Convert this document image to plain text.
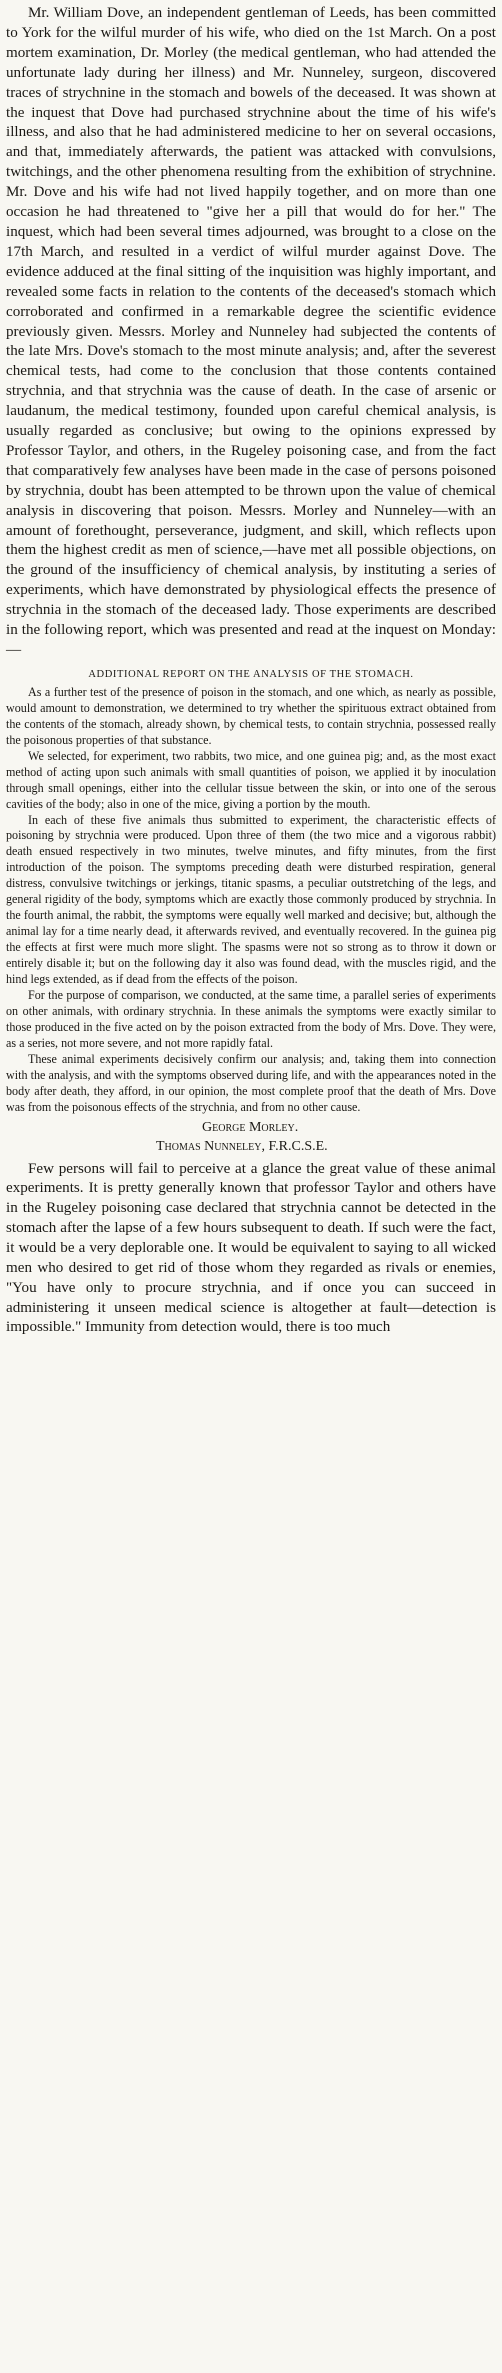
Mr. William Dove, an independent gentleman of Leeds, has been committed to York for the wilful murder of his wife, who died on the 1st March. On a post mortem examination, Dr. Morley (the medical gentleman, who had attended the unfortunate lady during her illness) and Mr. Nunneley, surgeon, discovered traces of strychnine in the stomach and bowels of the deceased. It was shown at the inquest that Dove had purchased strychnine about the time of his wife's illness, and also that he had administered medicine to her on several occasions, and that, immediately afterwards, the patient was attacked with convulsions, twitchings, and the other phenomena resulting from the exhibition of strychnine. Mr. Dove and his wife had not lived happily together, and on more than one occasion he had threatened to "give her a pill that would do for her." The inquest, which had been several times adjourned, was brought to a close on the 17th March, and resulted in a verdict of wilful murder against Dove. The evidence adduced at the final sitting of the inquisition was highly important, and revealed some facts in relation to the contents of the deceased's stomach which corroborated and confirmed in a remarkable degree the scientific evidence previously given. Messrs. Morley and Nunneley had subjected the contents of the late Mrs. Dove's stomach to the most minute analysis; and, after the severest chemical tests, had come to the conclusion that those contents contained strychnia, and that strychnia was the cause of death. In the case of arsenic or laudanum, the medical testimony, founded upon careful chemical analysis, is usually regarded as conclusive; but owing to the opinions expressed by Professor Taylor, and others, in the Rugeley poisoning case, and from the fact that comparatively few analyses have been made in the case of persons poisoned by strychnia, doubt has been attempted to be thrown upon the value of chemical analysis in discovering that poison. Messrs. Morley and Nunneley—with an amount of forethought, perseverance, judgment, and skill, which reflects upon them the highest credit as men of science,—have met all possible objections, on the ground of the insufficiency of chemical analysis, by instituting a series of experiments, which have demonstrated by physiological effects the presence of strychnia in the stomach of the deceased lady. Those experiments are described in the following report, which was presented and read at the inquest on Monday:—

ADDITIONAL REPORT ON THE ANALYSIS OF THE STOMACH.

As a further test of the presence of poison in the stomach, and one which, as nearly as possible, would amount to demonstration, we determined to try whether the spirituous extract obtained from the contents of the stomach, already shown, by chemical tests, to contain strychnia, possessed really the poisonous properties of that substance.

We selected, for experiment, two rabbits, two mice, and one guinea pig; and, as the most exact method of acting upon such animals with small quantities of poison, we applied it by inoculation through small openings, either into the cellular tissue between the skin, or into one of the serous cavities of the body; also in one of the mice, giving a portion by the mouth.

In each of these five animals thus submitted to experiment, the characteristic effects of poisoning by strychnia were produced. Upon three of them (the two mice and a vigorous rabbit) death ensued respectively in two minutes, twelve minutes, and fifty minutes, from the first introduction of the poison. The symptoms preceding death were disturbed respiration, general distress, convulsive twitchings or jerkings, titanic spasms, a peculiar outstretching of the legs, and general rigidity of the body, symptoms which are exactly those commonly produced by strychnia. In the fourth animal, the rabbit, the symptoms were equally well marked and decisive; but, although the animal lay for a time nearly dead, it afterwards revived, and eventually recovered. In the guinea pig the effects at first were much more slight. The spasms were not so strong as to throw it down or entirely disable it; but on the following day it also was found dead, with the muscles rigid, and the hind legs extended, as if dead from the effects of the poison.

For the purpose of comparison, we conducted, at the same time, a parallel series of experiments on other animals, with ordinary strychnia. In these animals the symptoms were exactly similar to those produced in the five acted on by the poison extracted from the body of Mrs. Dove. They were, as a series, not more severe, and not more rapidly fatal.

These animal experiments decisively confirm our analysis; and, taking them into connection with the analysis, and with the symptoms observed during life, and with the appearances noted in the body after death, they afford, in our opinion, the most complete proof that the death of Mrs. Dove was from the poisonous effects of the strychnia, and from no other cause.

George Morley.
Thomas Nunneley, F.R.C.S.E.

Few persons will fail to perceive at a glance the great value of these animal experiments. It is pretty generally known that professor Taylor and others have in the Rugeley poisoning case declared that strychnia cannot be detected in the stomach after the lapse of a few hours subsequent to death. If such were the fact, it would be a very deplorable one. It would be equivalent to saying to all wicked men who desired to get rid of those whom they regarded as rivals or enemies, "You have only to procure strychnia, and if once you can succeed in administering it unseen medical science is altogether at fault—detection is impossible." Immunity from detection would, there is too much
